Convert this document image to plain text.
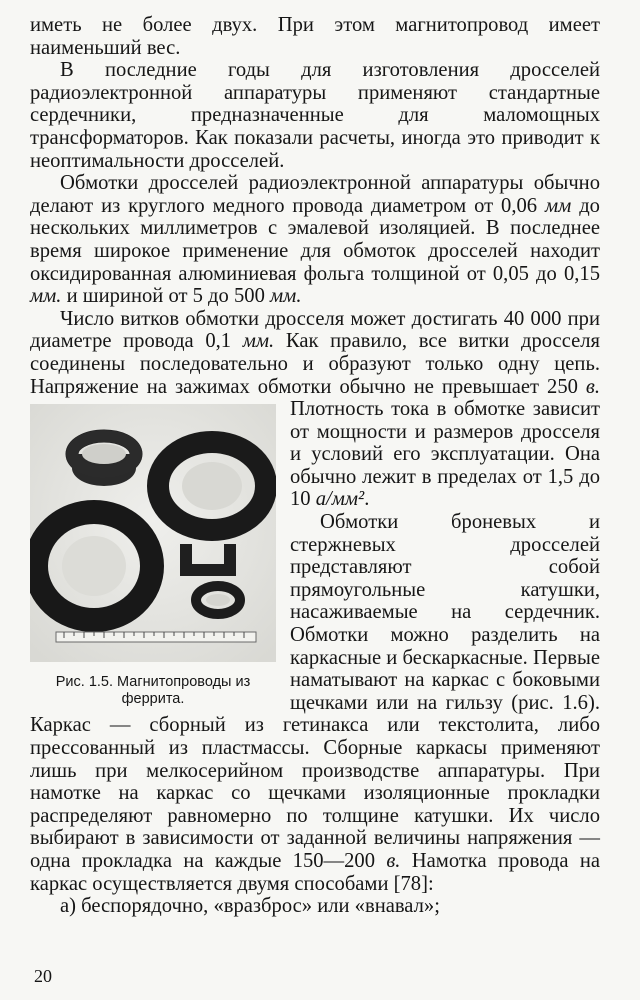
иметь не более двух. При этом магнитопровод имеет наименьший вес.

В последние годы для изготовления дросселей радиоэлектронной аппаратуры применяют стандартные сердечники, предназначенные для маломощных трансформаторов. Как показали расчеты, иногда это приводит к неоптимальности дросселей.

Обмотки дросселей радиоэлектронной аппаратуры обычно делают из круглого медного провода диаметром от 0,06 мм до нескольких миллиметров с эмалевой изоляцией. В последнее время широкое применение для обмоток дросселей находит оксидированная алюминиевая фольга толщиной от 0,05 до 0,15 мм. и шириной от 5 до 500 мм.

Число витков обмотки дросселя может достигать 40 000 при диаметре провода 0,1 мм. Как правило, все витки дросселя соединены последовательно и образуют только одну цепь. Напряжение на зажимах обмотки обычно не превышает 250 в.
Рис. 1.5. Магнитопроводы из феррита.
Плотность тока в обмотке зависит от мощности и размеров дросселя и условий его эксплуатации. Она обычно лежит в пределах от 1,5 до 10 а/мм².

Обмотки броневых и стержневых дросселей представляют собой прямоугольные катушки, насаживаемые на сердечник. Обмотки можно разделить на каркасные и бескаркасные. Первые наматывают на каркас с боковыми щечками или на гильзу (рис. 1.6). Каркас — сборный из гетинакса или текстолита, либо прессованный из пластмассы. Сборные каркасы применяют лишь при мелкосерийном производстве аппаратуры. При намотке на каркас со щечками изоляционные прокладки распределяют равномерно по толщине катушки. Их число выбирают в зависимости от заданной величины напряжения — одна прокладка на каждые 150—200 в. Намотка провода на каркас осуществляется двумя способами [78]:

а) беспорядочно, «вразброс» или «внавал»;

20
